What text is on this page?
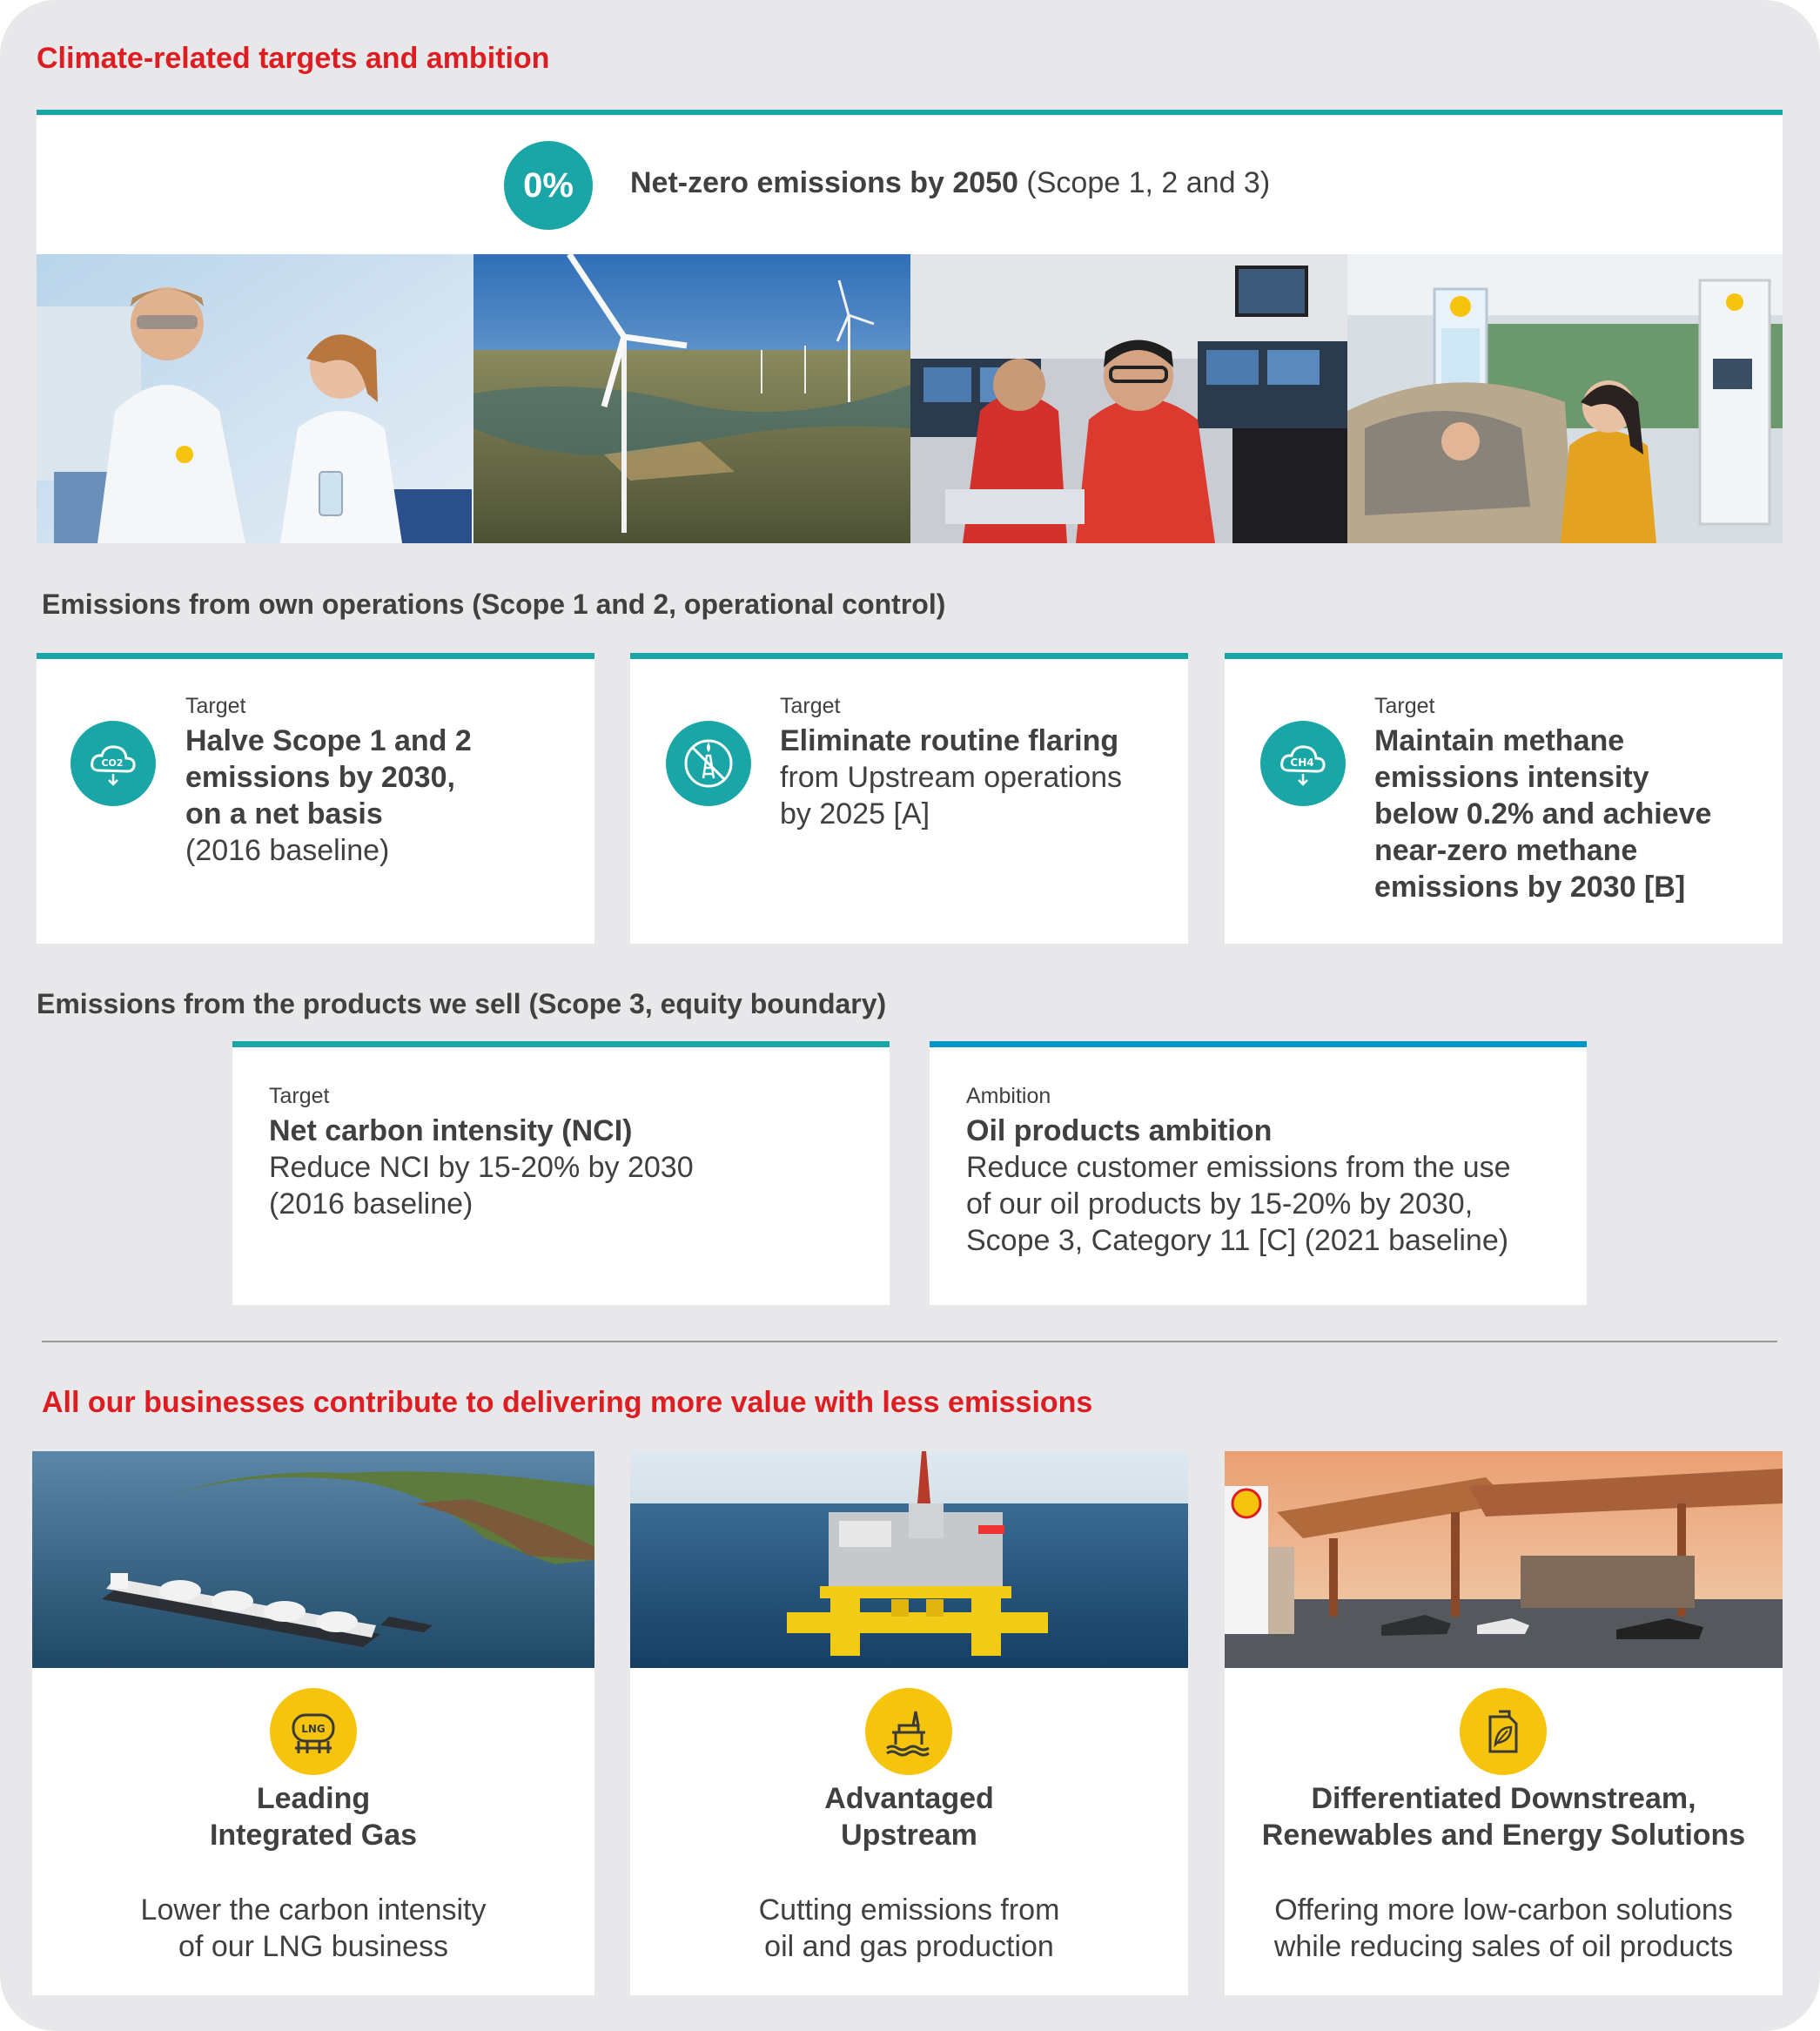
Climate-related targets and ambition
0%	Net-zero emissions by 2050 (Scope 1, 2 and 3)
Emissions from own operations (Scope 1 and 2, operational control)
CO2
Target
Halve Scope 1 and 2
emissions by 2030,
on a net basis
(2016 baseline)
Target
Eliminate routine flaring
from Upstream operations
by 2025 [A]
CH4
Target
Maintain methane
emissions intensity
below 0.2% and achieve
near-zero methane
emissions by 2030 [B]
Emissions from the products we sell (Scope 3, equity boundary)
Target
Net carbon intensity (NCI)
Reduce NCI by 15-20% by 2030
(2016 baseline)
Ambition
Oil products ambition
Reduce customer emissions from the use
of our oil products by 15-20% by 2030,
Scope 3, Category 11 [C] (2021 baseline)
All our businesses contribute to delivering more value with less emissions
LNG
Leading
Integrated Gas
Lower the carbon intensity
of our LNG business
Advantaged
Upstream
Cutting emissions from
oil and gas production
Differentiated Downstream,
Renewables and Energy Solutions
Offering more low-carbon solutions
while reducing sales of oil products
